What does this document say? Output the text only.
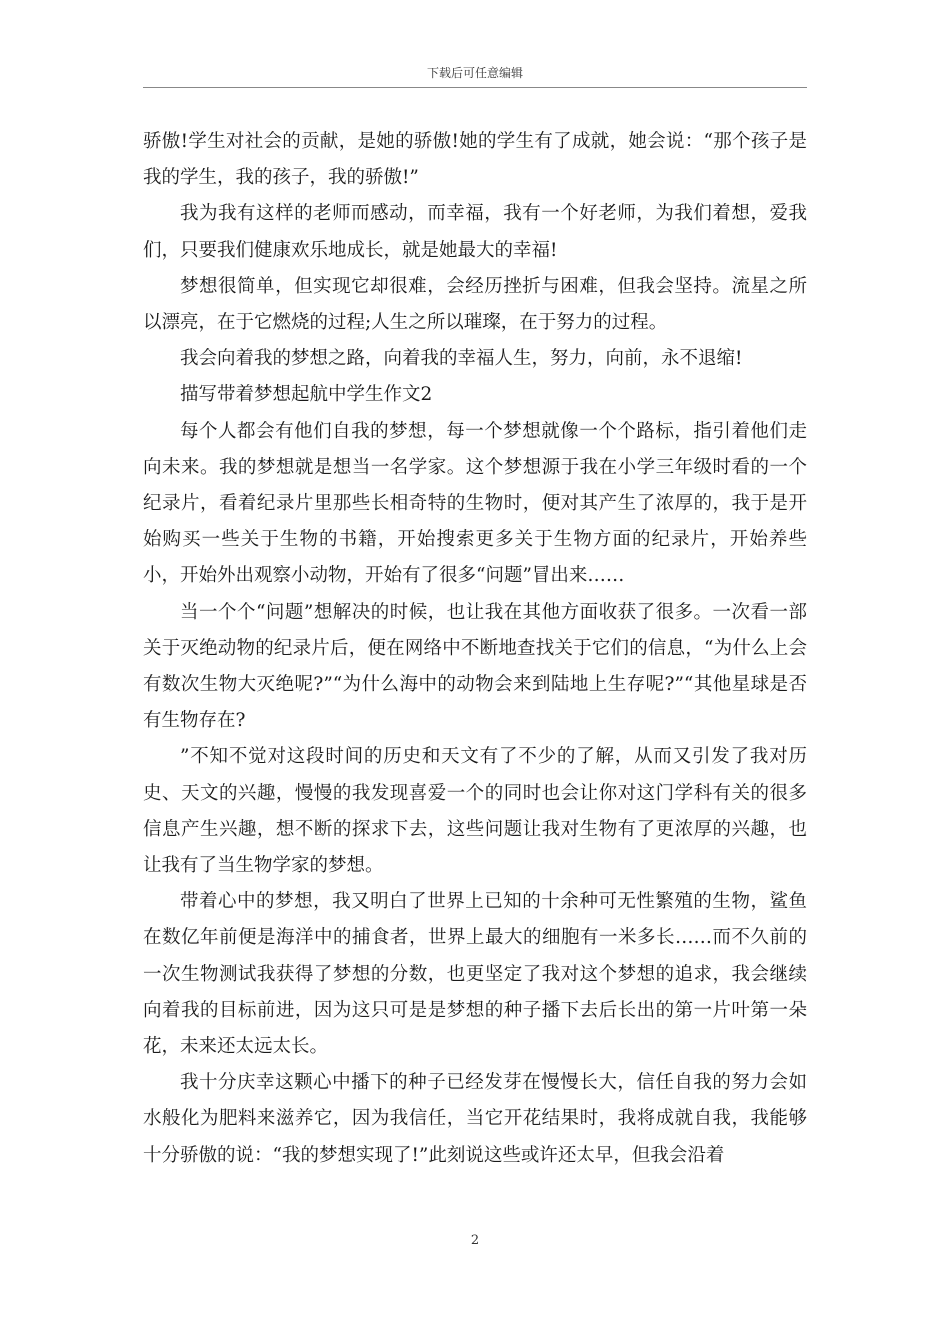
下载后可任意编辑

骄傲!学生对社会的贡献，是她的骄傲!她的学生有了成就，她会说：“那个孩子是我的学生，我的孩子，我的骄傲!”

我为我有这样的老师而感动，而幸福，我有一个好老师，为我们着想，爱我们，只要我们健康欢乐地成长，就是她最大的幸福!

梦想很简单，但实现它却很难，会经历挫折与困难，但我会坚持。流星之所以漂亮，在于它燃烧的过程;人生之所以璀璨，在于努力的过程。

我会向着我的梦想之路，向着我的幸福人生，努力，向前，永不退缩!

描写带着梦想起航中学生作文2

每个人都会有他们自我的梦想，每一个梦想就像一个个路标，指引着他们走向未来。我的梦想就是想当一名学家。这个梦想源于我在小学三年级时看的一个纪录片，看着纪录片里那些长相奇特的生物时，便对其产生了浓厚的，我于是开始购买一些关于生物的书籍，开始搜索更多关于生物方面的纪录片，开始养些小，开始外出观察小动物，开始有了很多“问题”冒出来……

当一个个“问题”想解决的时候，也让我在其他方面收获了很多。一次看一部关于灭绝动物的纪录片后，便在网络中不断地查找关于它们的信息，“为什么上会有数次生物大灭绝呢?”“为什么海中的动物会来到陆地上生存呢?”“其他星球是否有生物存在?

”不知不觉对这段时间的历史和天文有了不少的了解，从而又引发了我对历史、天文的兴趣，慢慢的我发现喜爱一个的同时也会让你对这门学科有关的很多信息产生兴趣，想不断的探求下去，这些问题让我对生物有了更浓厚的兴趣，也让我有了当生物学家的梦想。

带着心中的梦想，我又明白了世界上已知的十余种可无性繁殖的生物，鲨鱼在数亿年前便是海洋中的捕食者，世界上最大的细胞有一米多长……而不久前的一次生物测试我获得了梦想的分数，也更坚定了我对这个梦想的追求，我会继续向着我的目标前进，因为这只可是是梦想的种子播下去后长出的第一片叶第一朵花，未来还太远太长。

我十分庆幸这颗心中播下的种子已经发芽在慢慢长大，信任自我的努力会如水般化为肥料来滋养它，因为我信任，当它开花结果时，我将成就自我，我能够十分骄傲的说：“我的梦想实现了!”此刻说这些或许还太早，但我会沿着

2
